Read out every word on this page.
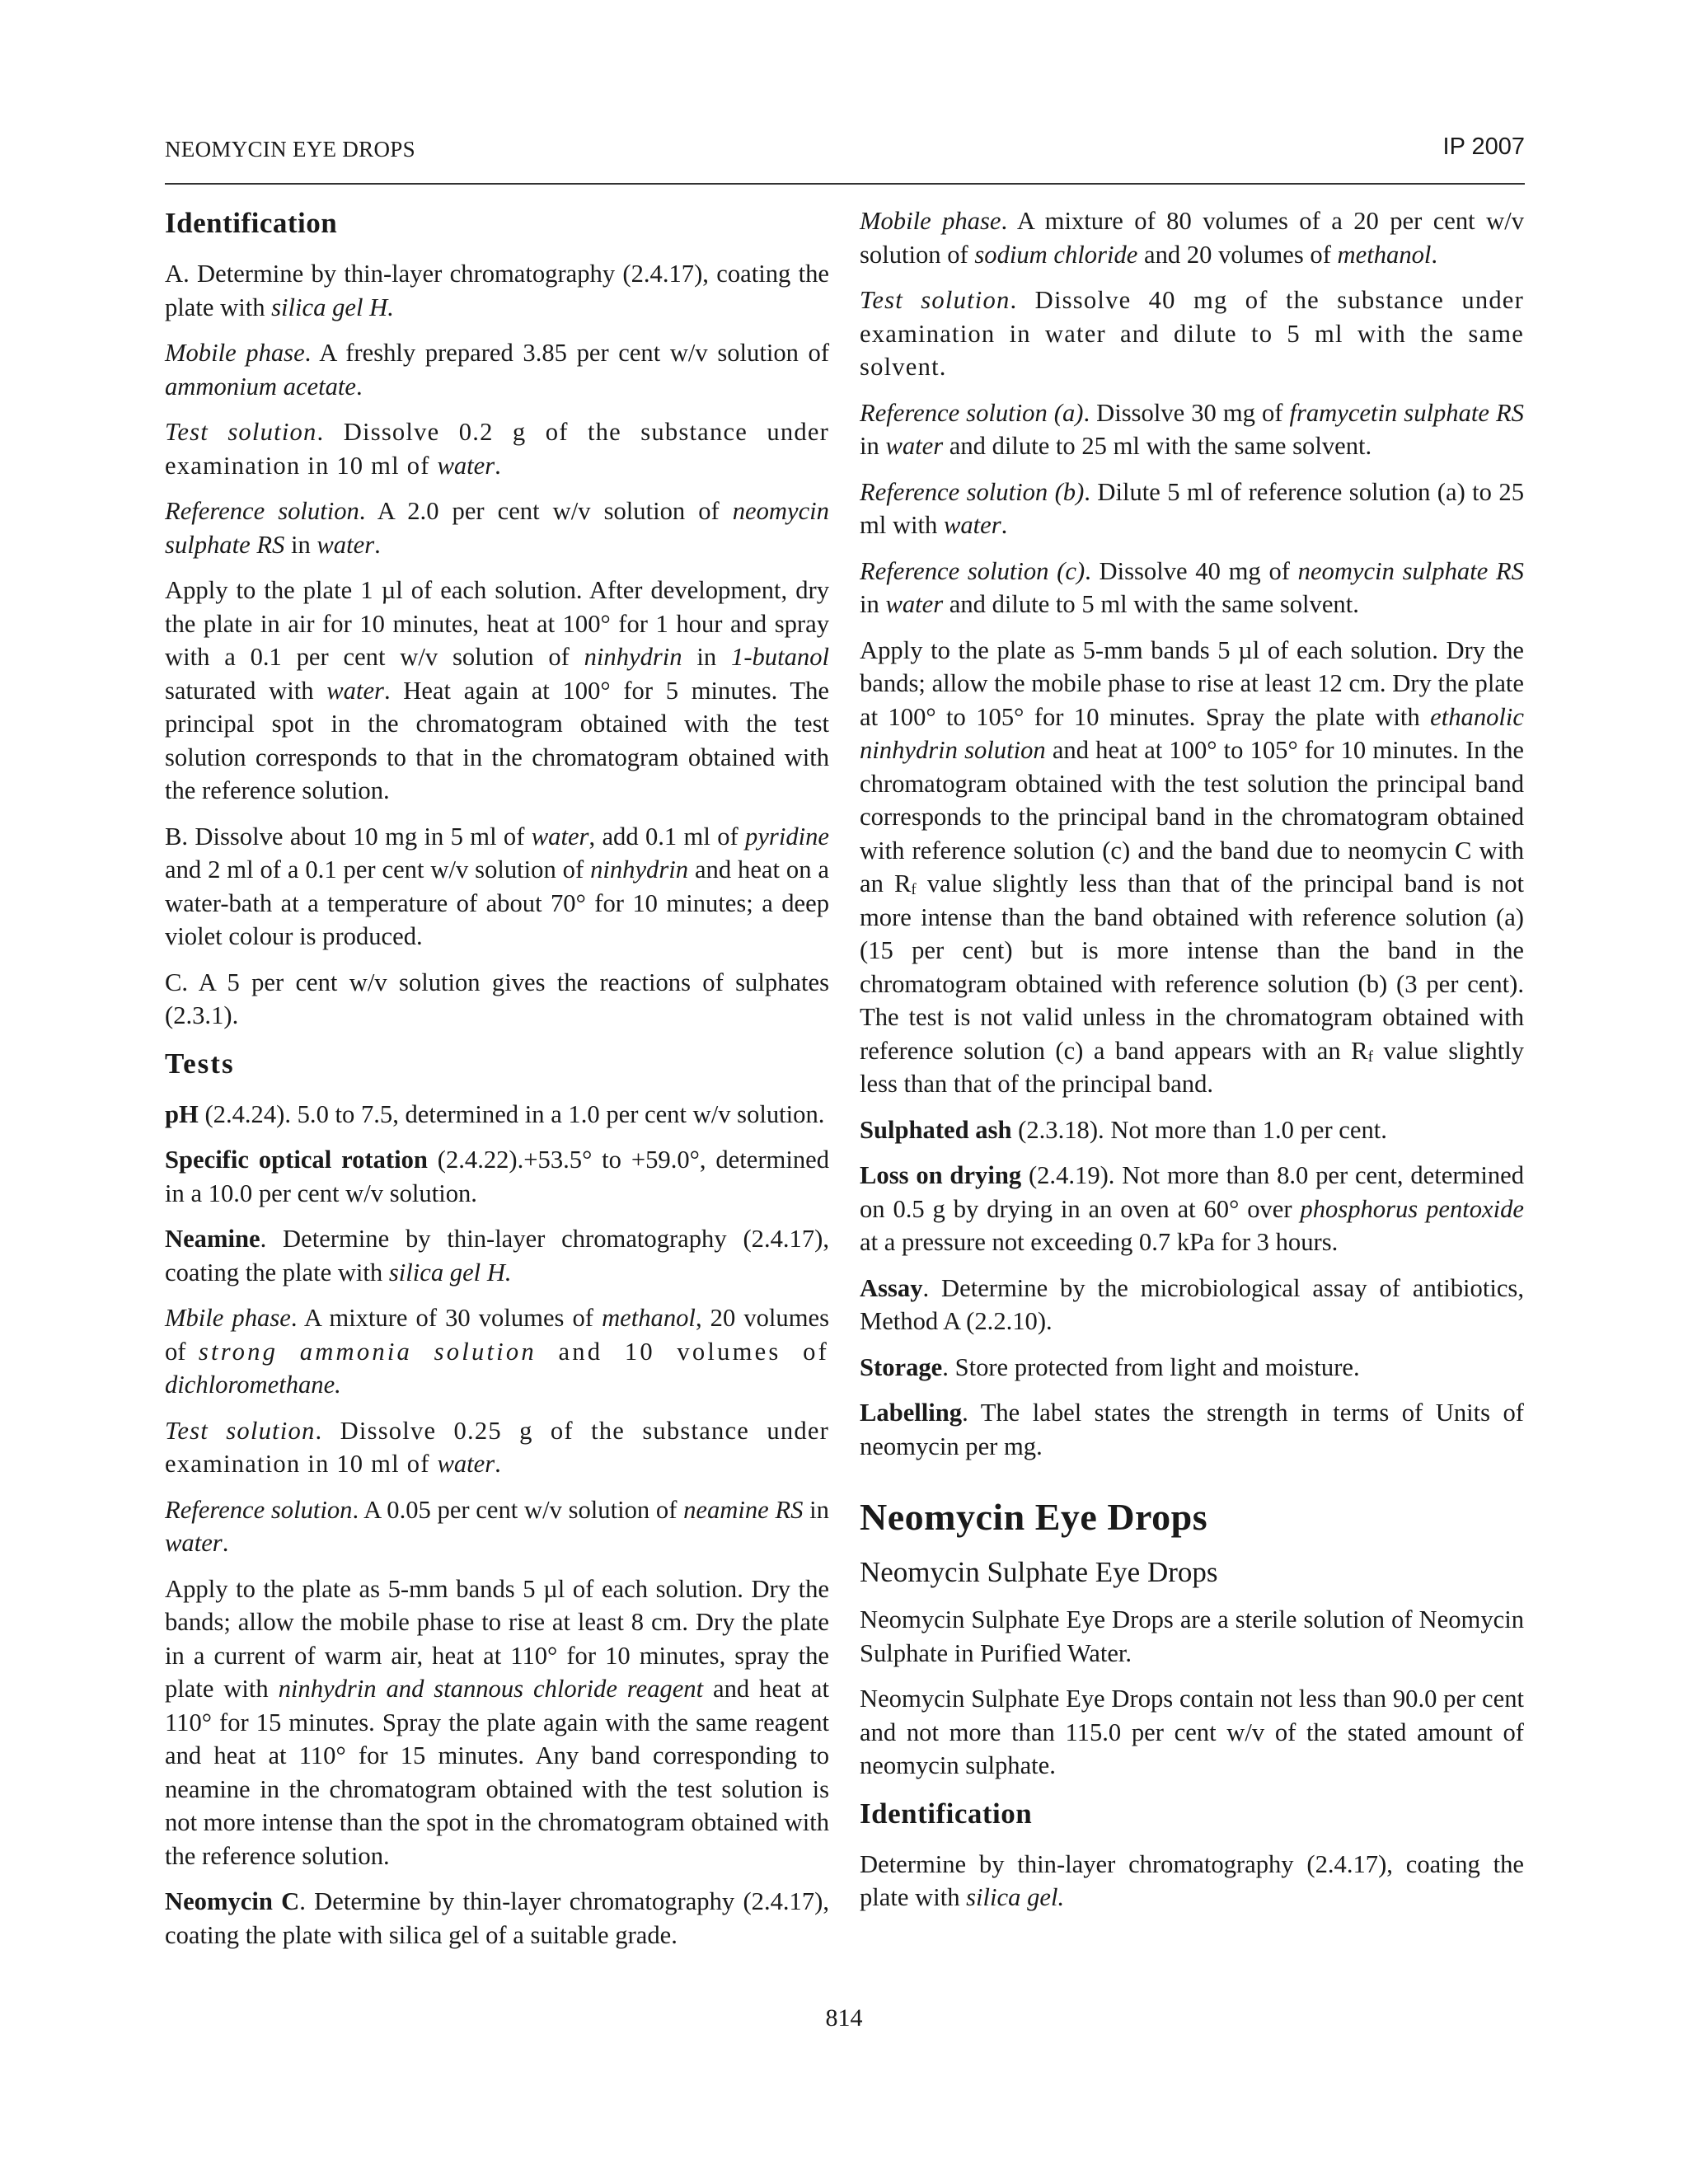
NEOMYCIN EYE DROPS	IP 2007
Identification

A. Determine by thin-layer chromatography (2.4.17), coating the plate with silica gel H.

Mobile phase. A freshly prepared 3.85 per cent w/v solution of ammonium acetate.

Test solution. Dissolve 0.2 g of the substance under examination in 10 ml of water.

Reference solution. A 2.0 per cent w/v solution of neomycin sulphate RS in water.

Apply to the plate 1 µl of each solution. After development, dry the plate in air for 10 minutes, heat at 100° for 1 hour and spray with a 0.1 per cent w/v solution of ninhydrin in 1-butanol saturated with water. Heat again at 100° for 5 minutes. The principal spot in the chromatogram obtained with the test solution corresponds to that in the chromatogram obtained with the reference solution.

B. Dissolve about 10 mg in 5 ml of water, add 0.1 ml of pyridine and 2 ml of a 0.1 per cent w/v solution of ninhydrin and heat on a water-bath at a temperature of about 70° for 10 minutes; a deep violet colour is produced.

C. A 5 per cent w/v solution gives the reactions of sulphates (2.3.1).

Tests

pH (2.4.24). 5.0 to 7.5, determined in a 1.0 per cent w/v solution.

Specific optical rotation (2.4.22).+53.5° to +59.0°, determined in a 10.0 per cent w/v solution.

Neamine. Determine by thin-layer chromatography (2.4.17), coating the plate with silica gel H.

Mbile phase. A mixture of 30 volumes of methanol, 20 volumes of strong ammonia solution and 10 volumes of dichloromethane.

Test solution. Dissolve 0.25 g of the substance under examination in 10 ml of water.

Reference solution. A 0.05 per cent w/v solution of neamine RS in water.

Apply to the plate as 5-mm bands 5 µl of each solution. Dry the bands; allow the mobile phase to rise at least 8 cm. Dry the plate in a current of warm air, heat at 110° for 10 minutes, spray the plate with ninhydrin and stannous chloride reagent and heat at 110° for 15 minutes. Spray the plate again with the same reagent and heat at 110° for 15 minutes. Any band corresponding to neamine in the chromatogram obtained with the test solution is not more intense than the spot in the chromatogram obtained with the reference solution.

Neomycin C. Determine by thin-layer chromatography (2.4.17), coating the plate with silica gel of a suitable grade.

Mobile phase. A mixture of 80 volumes of a 20 per cent w/v solution of sodium chloride and 20 volumes of methanol.

Test solution. Dissolve 40 mg of the substance under examination in water and dilute to 5 ml with the same solvent.

Reference solution (a). Dissolve 30 mg of framycetin sulphate RS in water and dilute to 25 ml with the same solvent.

Reference solution (b). Dilute 5 ml of reference solution (a) to 25 ml with water.

Reference solution (c). Dissolve 40 mg of neomycin sulphate RS in water and dilute to 5 ml with the same solvent.

Apply to the plate as 5-mm bands 5 µl of each solution. Dry the bands; allow the mobile phase to rise at least 12 cm. Dry the plate at 100° to 105° for 10 minutes. Spray the plate with ethanolic ninhydrin solution and heat at 100° to 105° for 10 minutes. In the chromatogram obtained with the test solution the principal band corresponds to the principal band in the chromatogram obtained with reference solution (c) and the band due to neomycin C with an $R_f$ value slightly less than that of the principal band is not more intense than the band obtained with reference solution (a) (15 per cent) but is more intense than the band in the chromatogram obtained with reference solution (b) (3 per cent). The test is not valid unless in the chromatogram obtained with reference solution (c) a band appears with an $R_f$ value slightly less than that of the principal band.

Sulphated ash (2.3.18). Not more than 1.0 per cent.

Loss on drying (2.4.19). Not more than 8.0 per cent, determined on 0.5 g by drying in an oven at 60° over phosphorus pentoxide at a pressure not exceeding 0.7 kPa for 3 hours.

Assay. Determine by the microbiological assay of antibiotics, Method A (2.2.10).

Storage. Store protected from light and moisture.

Labelling. The label states the strength in terms of Units of neomycin per mg.

Neomycin Eye Drops
Neomycin Sulphate Eye Drops

Neomycin Sulphate Eye Drops are a sterile solution of Neomycin Sulphate in Purified Water.

Neomycin Sulphate Eye Drops contain not less than 90.0 per cent and not more than 115.0 per cent w/v of the stated amount of neomycin sulphate.

Identification

Determine by thin-layer chromatography (2.4.17), coating the plate with silica gel.

814
